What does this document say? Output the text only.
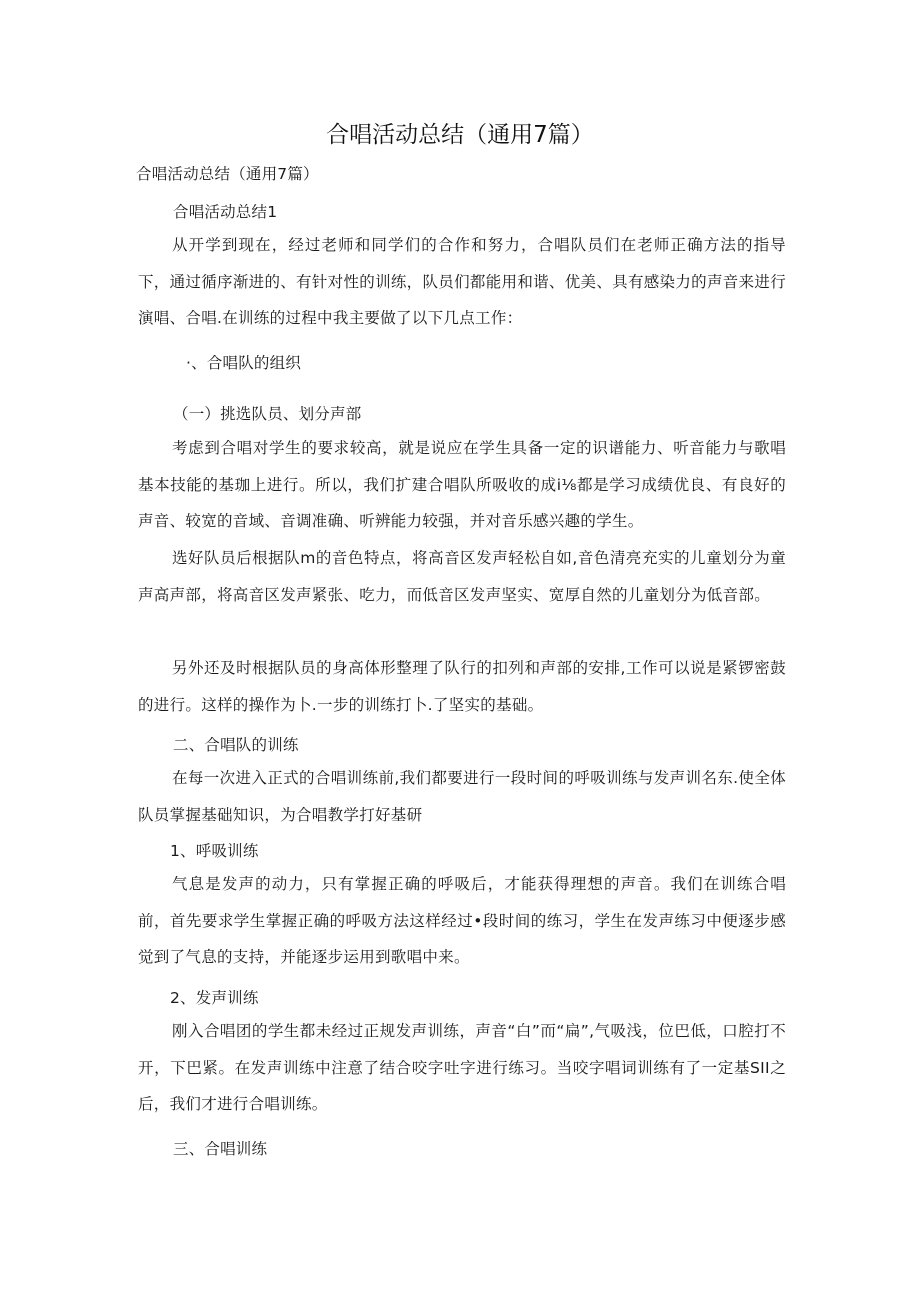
合唱活动总结（通用7篇）
合唱活动总结（通用7篇）
合唱活动总结1

从开学到现在，经过老师和同学们的合作和努力，合唱队员们在老师正确方法的指导下，通过循序渐进的、有针对性的训练，队员们都能用和谐、优美、具有感染力的声音来进行演唱、合唱.在训练的过程中我主要做了以下几点工作：

·、合唱队的组织
（一）挑选队员、划分声部

考虑到合唱对学生的要求较高，就是说应在学生具备一定的识谱能力、听音能力与歌唱基本技能的基珈上进行。所以，我们扩建合唱队所吸收的成i⅛都是学习成绩优良、有良好的声音、较宽的音域、音调准确、听辨能力较强，并对音乐感兴趣的学生。

选好队员后根据队m的音色特点，将高音区发声轻松自如,音色清亮充实的儿童划分为童声高声部，将高音区发声紧张、吃力，而低音区发声坚实、宽厚自然的儿童划分为低音部。

另外还及时根据队员的身高体形整理了队行的扣列和声部的安排,工作可以说是紧锣密鼓的进行。这样的操作为卜.一步的训练打卜.了坚实的基础。

二、合唱队的训练

在每一次进入正式的合唱训练前,我们都要进行一段时间的呼吸训练与发声训名东.使全体队员掌握基础知识，为合唱教学打好基研

1、呼吸训练

气息是发声的动力，只有掌握正确的呼吸后，才能获得理想的声音。我们在训练合唱前，首先要求学生掌握正确的呼吸方法这样经过•段时间的练习，学生在发声练习中便逐步感觉到了气息的支持，并能逐步运用到歌唱中来。

2、发声训练

刚入合唱团的学生都未经过正规发声训练，声音“白”而“扁”,气吸浅，位巴低，口腔打不开，下巴紧。在发声训练中注意了结合咬字吐字进行练习。当咬字唱词训练有了一定基SII之后，我们才进行合唱训练。

三、合唱训练
